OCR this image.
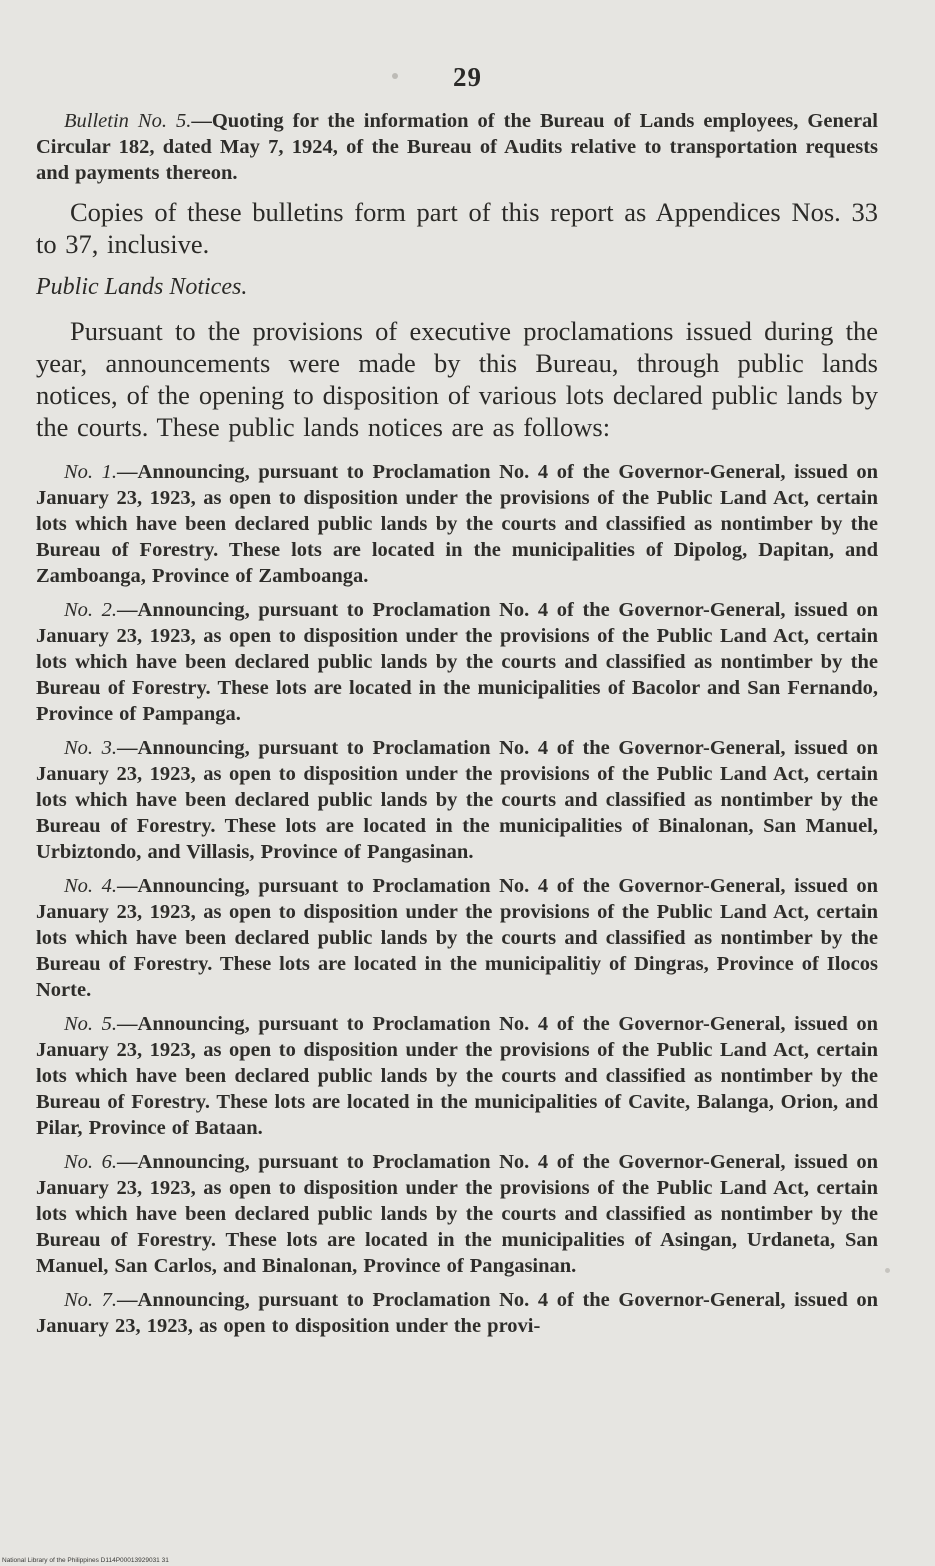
29

Bulletin No. 5.—Quoting for the information of the Bureau of Lands employees, General Circular 182, dated May 7, 1924, of the Bureau of Audits relative to transportation requests and payments thereon.

Copies of these bulletins form part of this report as Appendices Nos. 33 to 37, inclusive.

Public Lands Notices.

Pursuant to the provisions of executive proclamations issued during the year, announcements were made by this Bureau, through public lands notices, of the opening to disposition of various lots declared public lands by the courts. These public lands notices are as follows:

No. 1.—Announcing, pursuant to Proclamation No. 4 of the Governor-General, issued on January 23, 1923, as open to disposition under the provisions of the Public Land Act, certain lots which have been declared public lands by the courts and classified as nontimber by the Bureau of Forestry. These lots are located in the municipalities of Dipolog, Dapitan, and Zamboanga, Province of Zamboanga.

No. 2.—Announcing, pursuant to Proclamation No. 4 of the Governor-General, issued on January 23, 1923, as open to disposition under the provisions of the Public Land Act, certain lots which have been declared public lands by the courts and classified as nontimber by the Bureau of Forestry. These lots are located in the municipalities of Bacolor and San Fernando, Province of Pampanga.

No. 3.—Announcing, pursuant to Proclamation No. 4 of the Governor-General, issued on January 23, 1923, as open to disposition under the provisions of the Public Land Act, certain lots which have been declared public lands by the courts and classified as nontimber by the Bureau of Forestry. These lots are located in the municipalities of Binalonan, San Manuel, Urbiztondo, and Villasis, Province of Pangasinan.

No. 4.—Announcing, pursuant to Proclamation No. 4 of the Governor-General, issued on January 23, 1923, as open to disposition under the provisions of the Public Land Act, certain lots which have been declared public lands by the courts and classified as nontimber by the Bureau of Forestry. These lots are located in the municipalitiy of Dingras, Province of Ilocos Norte.

No. 5.—Announcing, pursuant to Proclamation No. 4 of the Governor-General, issued on January 23, 1923, as open to disposition under the provisions of the Public Land Act, certain lots which have been declared public lands by the courts and classified as nontimber by the Bureau of Forestry. These lots are located in the municipalities of Cavite, Balanga, Orion, and Pilar, Province of Bataan.

No. 6.—Announcing, pursuant to Proclamation No. 4 of the Governor-General, issued on January 23, 1923, as open to disposition under the provisions of the Public Land Act, certain lots which have been declared public lands by the courts and classified as nontimber by the Bureau of Forestry. These lots are located in the municipalities of Asingan, Urdaneta, San Manuel, San Carlos, and Binalonan, Province of Pangasinan.

No. 7.—Announcing, pursuant to Proclamation No. 4 of the Governor-General, issued on January 23, 1923, as open to disposition under the provi-

National Library of the Philippines D114P00013929031 31
